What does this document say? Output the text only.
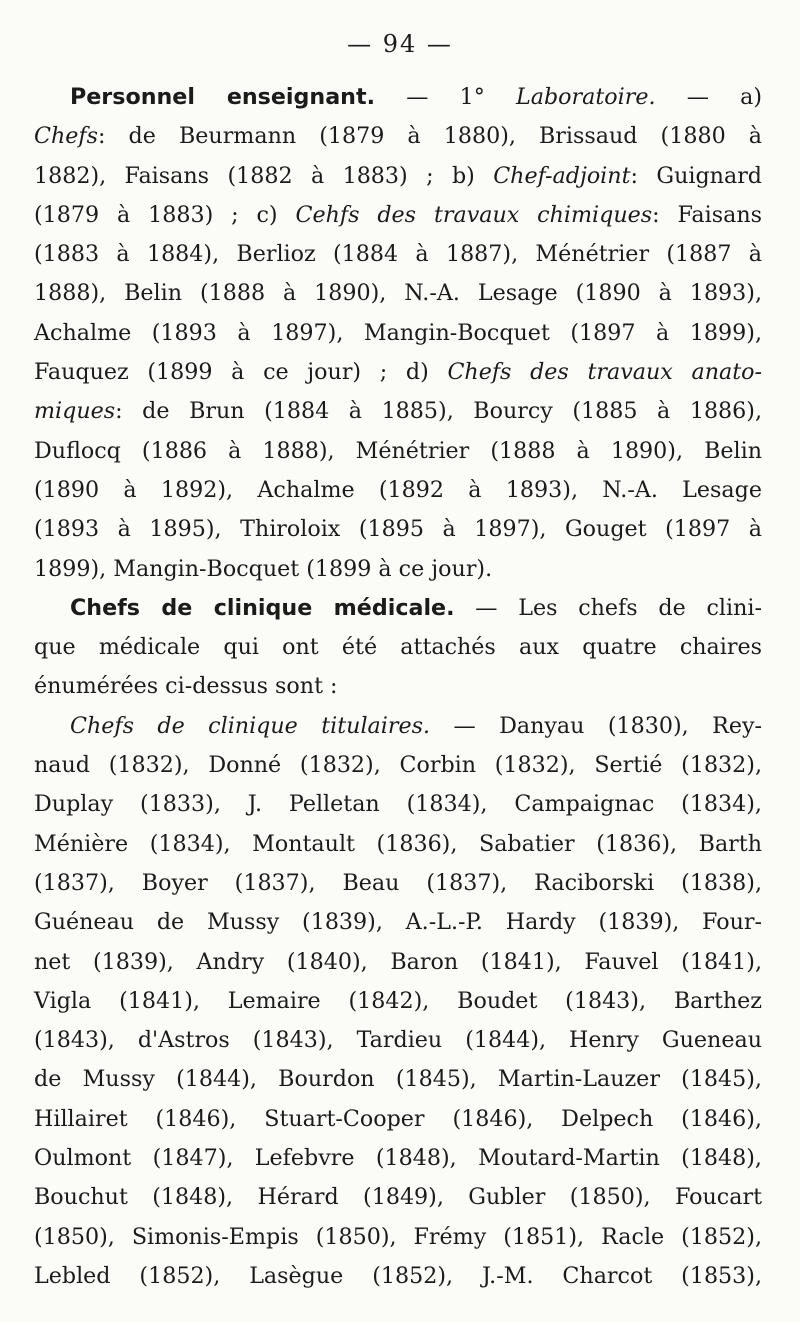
— 94 —
Personnel enseignant. — 1° Laboratoire. — a)
Chefs: de Beurmann (1879 à 1880), Brissaud (1880 à
1882), Faisans (1882 à 1883) ; b) Chef-adjoint: Guignard
(1879 à 1883) ; c) Cehfs des travaux chimiques: Faisans
(1883 à 1884), Berlioz (1884 à 1887), Ménétrier (1887 à
1888), Belin (1888 à 1890), N.-A. Lesage (1890 à 1893),
Achalme (1893 à 1897), Mangin-Bocquet (1897 à 1899),
Fauquez (1899 à ce jour) ; d) Chefs des travaux anato-
miques: de Brun (1884 à 1885), Bourcy (1885 à 1886),
Duflocq (1886 à 1888), Ménétrier (1888 à 1890), Belin
(1890 à 1892), Achalme (1892 à 1893), N.-A. Lesage
(1893 à 1895), Thiroloix (1895 à 1897), Gouget (1897 à
1899), Mangin-Bocquet (1899 à ce jour).
Chefs de clinique médicale. — Les chefs de clini-
que médicale qui ont été attachés aux quatre chaires
énumérées ci-dessus sont :
Chefs de clinique titulaires. — Danyau (1830), Rey-
naud (1832), Donné (1832), Corbin (1832), Sertié (1832),
Duplay (1833), J. Pelletan (1834), Campaignac (1834),
Ménière (1834), Montault (1836), Sabatier (1836), Barth
(1837), Boyer (1837), Beau (1837), Raciborski (1838),
Guéneau de Mussy (1839), A.-L.-P. Hardy (1839), Four-
net (1839), Andry (1840), Baron (1841), Fauvel (1841),
Vigla (1841), Lemaire (1842), Boudet (1843), Barthez
(1843), d'Astros (1843), Tardieu (1844), Henry Gueneau
de Mussy (1844), Bourdon (1845), Martin-Lauzer (1845),
Hillairet (1846), Stuart-Cooper (1846), Delpech (1846),
Oulmont (1847), Lefebvre (1848), Moutard-Martin (1848),
Bouchut (1848), Hérard (1849), Gubler (1850), Foucart
(1850), Simonis-Empis (1850), Frémy (1851), Racle (1852),
Lebled (1852), Lasègue (1852), J.-M. Charcot (1853),
